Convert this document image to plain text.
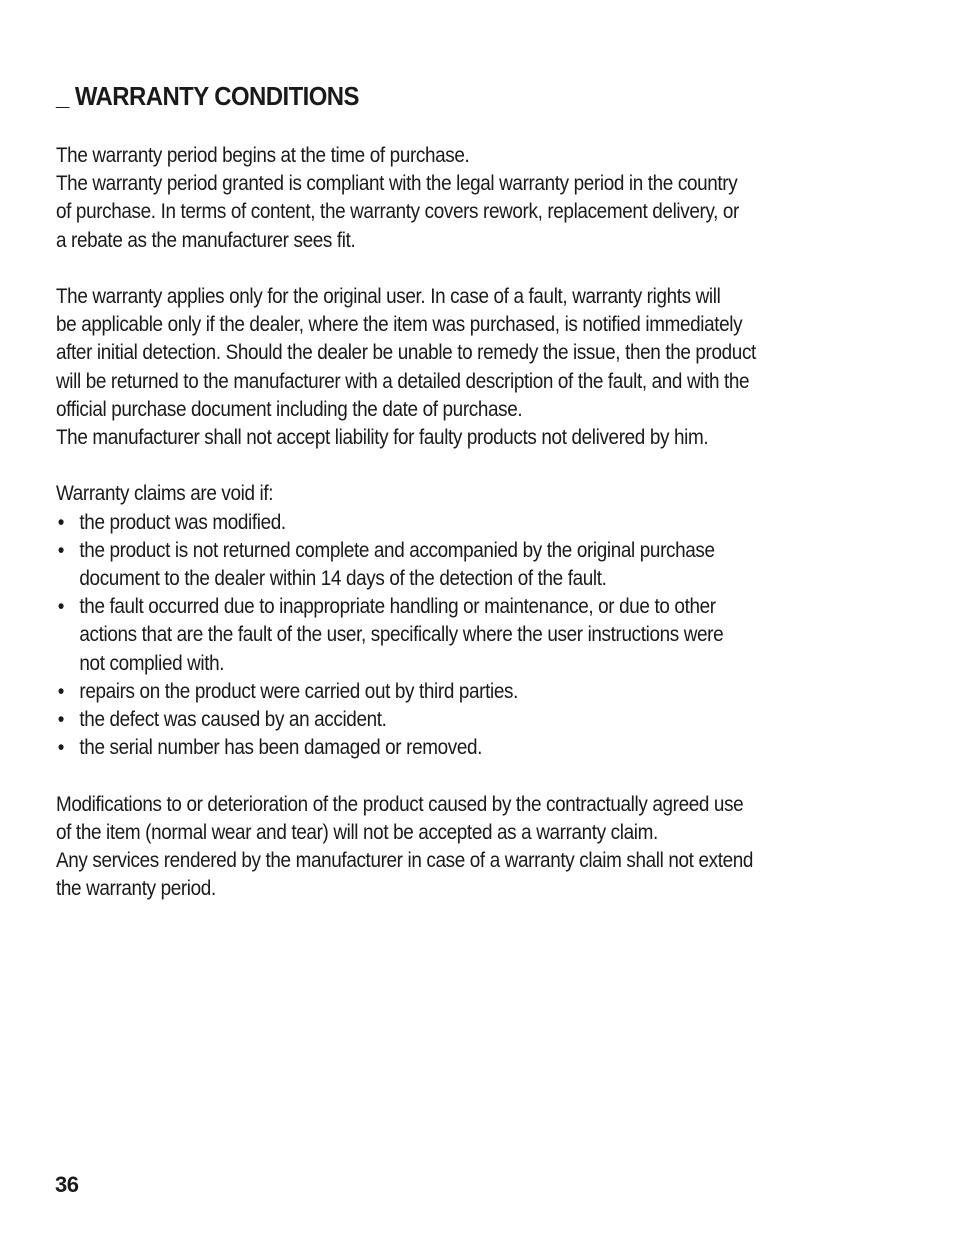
_ WARRANTY CONDITIONS
The warranty period begins at the time of purchase.
The warranty period granted is compliant with the legal warranty period in the country
of purchase. In terms of content, the warranty covers rework, replacement delivery, or
a rebate as the manufacturer sees fit.
The warranty applies only for the original user. In case of a fault, warranty rights will
be applicable only if the dealer, where the item was purchased, is notified immediately
after initial detection. Should the dealer be unable to remedy the issue, then the product
will be returned to the manufacturer with a detailed description of the fault, and with the
official purchase document including the date of purchase.
The manufacturer shall not accept liability for faulty products not delivered by him.
Warranty claims are void if:
• the product was modified.
• the product is not returned complete and accompanied by the original purchase
document to the dealer within 14 days of the detection of the fault.
• the fault occurred due to inappropriate handling or maintenance, or due to other
actions that are the fault of the user, specifically where the user instructions were
not complied with.
• repairs on the product were carried out by third parties.
• the defect was caused by an accident.
• the serial number has been damaged or removed.
Modifications to or deterioration of the product caused by the contractually agreed use
of the item (normal wear and tear) will not be accepted as a warranty claim.
Any services rendered by the manufacturer in case of a warranty claim shall not extend
the warranty period.
36
